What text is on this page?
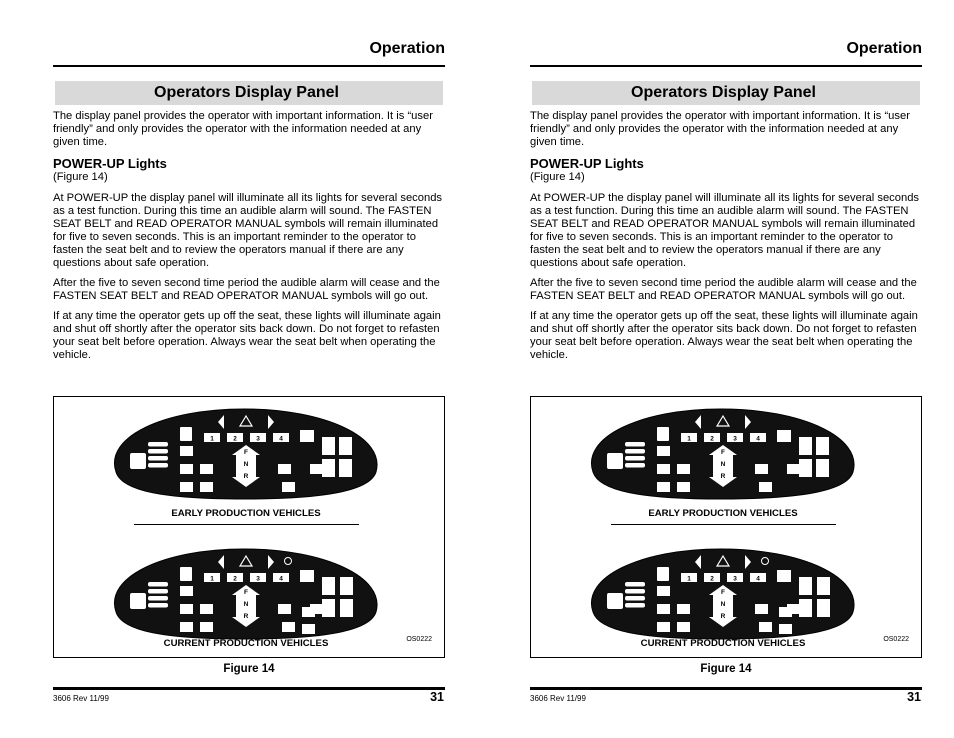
Operation
Operators Display Panel

The display panel provides the operator with important information. It is “user friendly” and only provides the operator with the information needed at any given time.

POWER-UP Lights
(Figure 14)

At POWER-UP the display panel will illuminate all its lights for several seconds as a test function. During this time an audible alarm will sound. The FASTEN SEAT BELT and READ OPERATOR MANUAL symbols will remain illuminated for five to seven seconds. This is an important reminder to the operator to fasten the seat belt and to review the operators manual if there are any questions about safe operation.

After the five to seven second time period the audible alarm will cease and the FASTEN SEAT BELT and READ OPERATOR MANUAL symbols will go out.

If at any time the operator gets up off the seat, these lights will illuminate again and shut off shortly after the operator sits back down. Do not forget to refasten your seat belt before operation. Always wear the seat belt when operating the vehicle.

1	2	3	4
F
N
R
1	2	3	4
F
N
R
EARLY PRODUCTION VEHICLES
CURRENT PRODUCTION VEHICLES	OS0222
Figure 14
3606 Rev 11/99	31
Operation
Operators Display Panel

The display panel provides the operator with important information. It is “user friendly” and only provides the operator with the information needed at any given time.

POWER-UP Lights
(Figure 14)

At POWER-UP the display panel will illuminate all its lights for several seconds as a test function. During this time an audible alarm will sound. The FASTEN SEAT BELT and READ OPERATOR MANUAL symbols will remain illuminated for five to seven seconds. This is an important reminder to the operator to fasten the seat belt and to review the operators manual if there are any questions about safe operation.

After the five to seven second time period the audible alarm will cease and the FASTEN SEAT BELT and READ OPERATOR MANUAL symbols will go out.

If at any time the operator gets up off the seat, these lights will illuminate again and shut off shortly after the operator sits back down. Do not forget to refasten your seat belt before operation. Always wear the seat belt when operating the vehicle.

1	2	3	4
F
N
R
1	2	3	4
F
N
R
EARLY PRODUCTION VEHICLES
CURRENT PRODUCTION VEHICLES	OS0222
Figure 14
3606 Rev 11/99	31
